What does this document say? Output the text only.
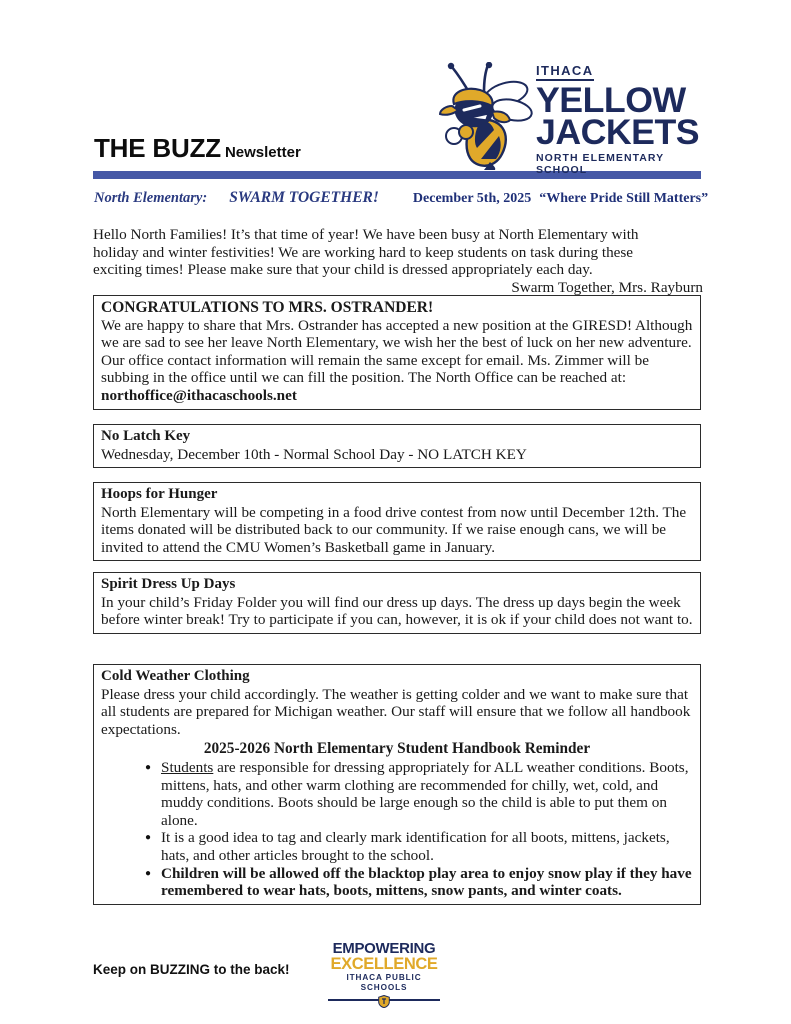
THE BUZZ Newsletter
ITHACA
YELLOW
JACKETS
NORTH ELEMENTARY SCHOOL
North Elementary: SWARM TOGETHER! December 5th, 2025 “Where Pride Still Matters”

Hello North Families! It’s that time of year! We have been busy at North Elementary with

holiday and winter festivities! We are working hard to keep students on task during these

exciting times! Please make sure that your child is dressed appropriately each day.

Swarm Together, Mrs. Rayburn

CONGRATULATIONS TO MRS. OSTRANDER!

We are happy to share that Mrs. Ostrander has accepted a new position at the GIRESD! Although we are sad to see her leave North Elementary, we wish her the best of luck on her new adventure. Our office contact information will remain the same except for email. Ms. Zimmer will be subbing in the office until we can fill the position. The North Office can be reached at: northoffice@ithacaschools.net

No Latch Key

Wednesday, December 10th - Normal School Day - NO LATCH KEY

Hoops for Hunger

North Elementary will be competing in a food drive contest from now until December 12th. The items donated will be distributed back to our community. If we raise enough cans, we will be invited to attend the CMU Women’s Basketball game in January.

Spirit Dress Up Days

In your child’s Friday Folder you will find our dress up days. The dress up days begin the week before winter break! Try to participate if you can, however, it is ok if your child does not want to.

Cold Weather Clothing

Please dress your child accordingly. The weather is getting colder and we want to make sure that all students are prepared for Michigan weather. Our staff will ensure that we follow all handbook expectations.

2025-2026 North Elementary Student Handbook Reminder
● Students are responsible for dressing appropriately for ALL weather conditions. Boots, mittens, hats, and other warm clothing are recommended for chilly, wet, cold, and muddy conditions. Boots should be large enough so the child is able to put them on alone.
● It is a good idea to tag and clearly mark identification for all boots, mittens, jackets, hats, and other articles brought to the school.
● Children will be allowed off the blacktop play area to enjoy snow play if they have remembered to wear hats, boots, mittens, snow pants, and winter coats.
Keep on BUZZING to the back!
EMPOWERING
EXCELLENCE
ITHACA PUBLIC SCHOOLS
